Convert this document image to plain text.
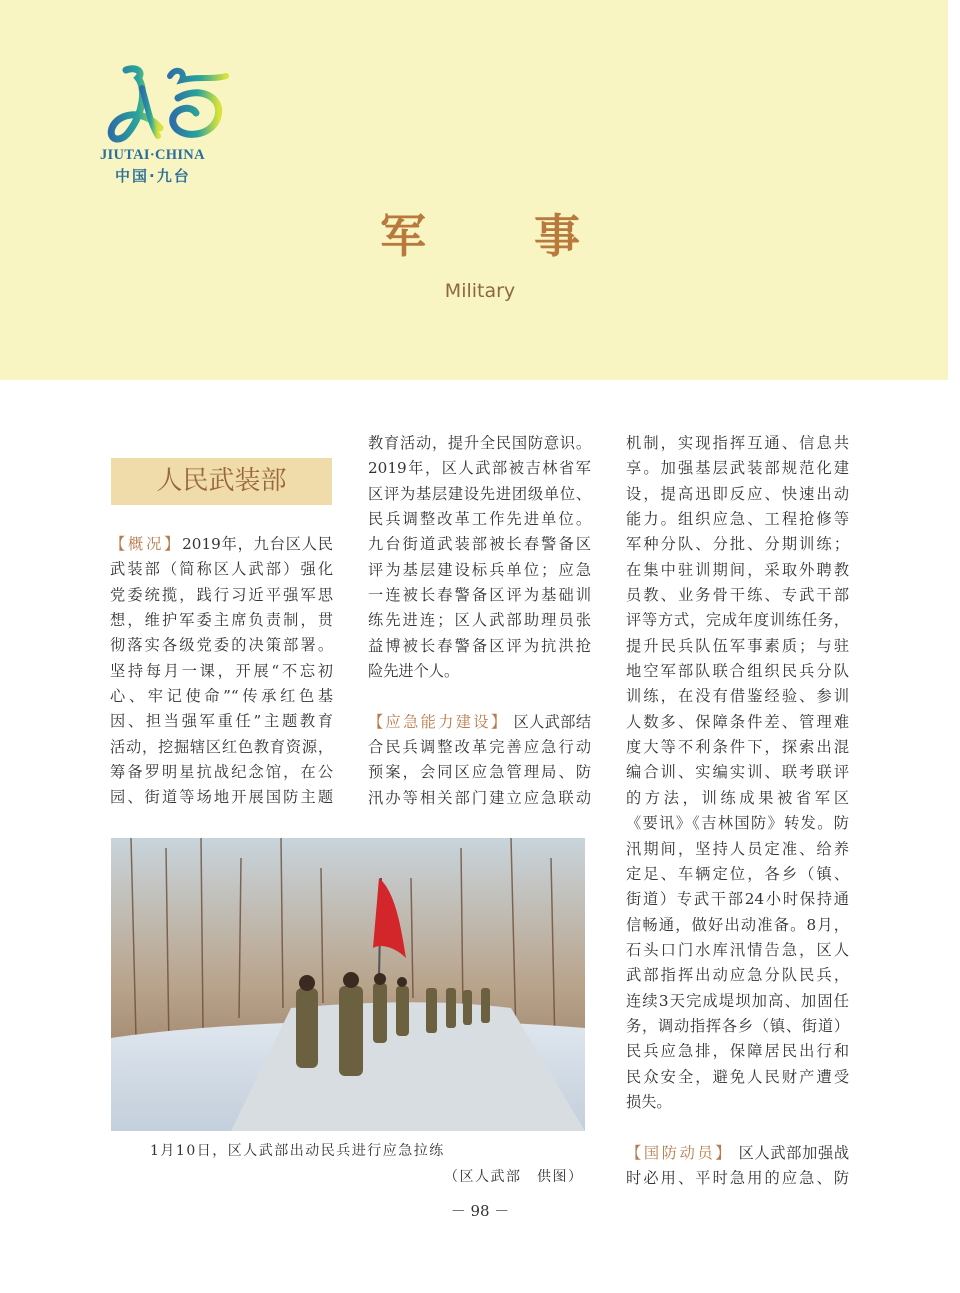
JIUTAI·CHINA
中国·九台
军 事
Military
人民武装部
【概况】2019年，九台区人民
武装部（简称区人武部）强化
党委统揽，践行习近平强军思
想，维护军委主席负责制，贯
彻落实各级党委的决策部署。
坚持每月一课，开展“不忘初
心、牢记使命”“传承红色基
因、担当强军重任”主题教育
活动，挖掘辖区红色教育资源，
筹备罗明星抗战纪念馆，在公
园、街道等场地开展国防主题
教育活动，提升全民国防意识。
2019年，区人武部被吉林省军
区评为基层建设先进团级单位、
民兵调整改革工作先进单位。
九台街道武装部被长春警备区
评为基层建设标兵单位；应急
一连被长春警备区评为基础训
练先进连；区人武部助理员张
益博被长春警备区评为抗洪抢
险先进个人。
【应急能力建设】 区人武部结
合民兵调整改革完善应急行动
预案，会同区应急管理局、防
汛办等相关部门建立应急联动
机制，实现指挥互通、信息共
享。加强基层武装部规范化建
设，提高迅即反应、快速出动
能力。组织应急、工程抢修等
军种分队、分批、分期训练；
在集中驻训期间，采取外聘教
员教、业务骨干练、专武干部
评等方式，完成年度训练任务，
提升民兵队伍军事素质；与驻
地空军部队联合组织民兵分队
训练，在没有借鉴经验、参训
人数多、保障条件差、管理难
度大等不利条件下，探索出混
编合训、实编实训、联考联评
的方法，训练成果被省军区
《要讯》《吉林国防》转发。防
汛期间，坚持人员定准、给养
定足、车辆定位，各乡（镇、
街道）专武干部24小时保持通
信畅通，做好出动准备。8月，
石头口门水库汛情告急，区人
武部指挥出动应急分队民兵，
连续3天完成堤坝加高、加固任
务，调动指挥各乡（镇、街道）
民兵应急排，保障居民出行和
民众安全，避免人民财产遭受
损失。
【国防动员】 区人武部加强战
时必用、平时急用的应急、防
1月10日，区人武部出动民兵进行应急拉练
（区人武部　供图）
－ 98 －
